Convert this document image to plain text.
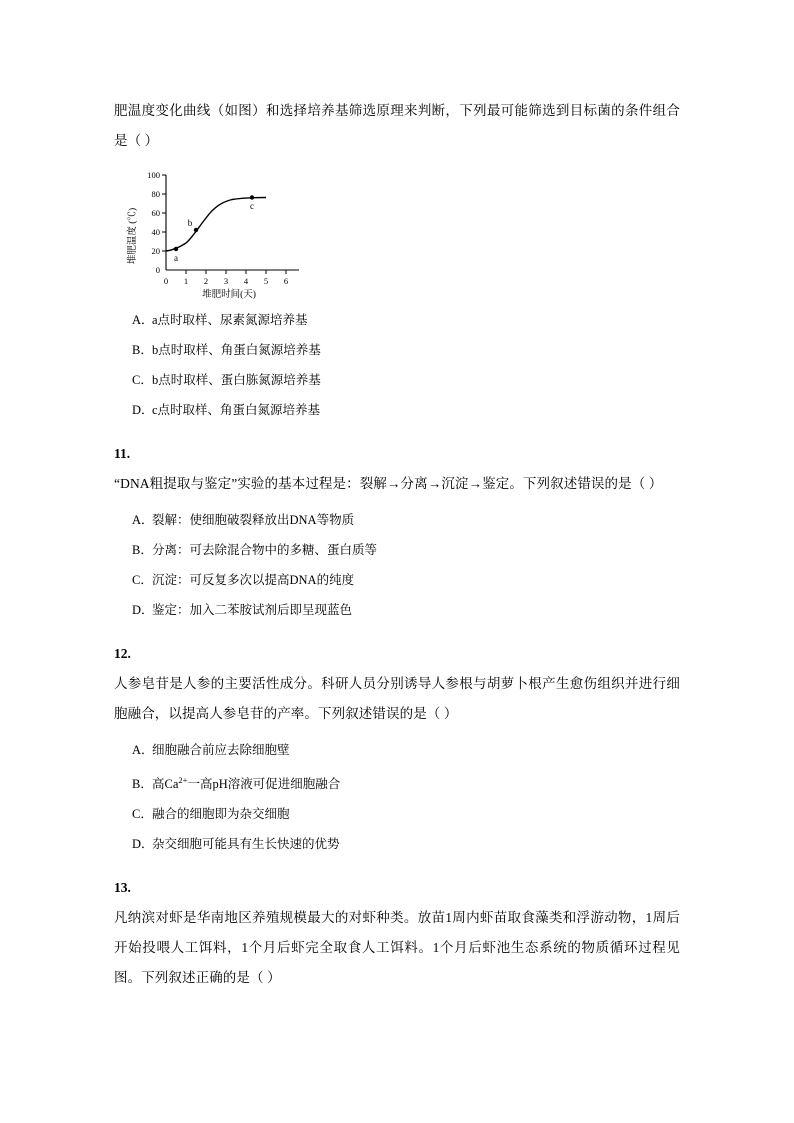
肥温度变化曲线（如图）和选择培养基筛选原理来判断，下列最可能筛选到目标菌的条件组合是（ ）

堆肥温度 (℃)
100
80
60
40
20
0
0 1 2 3 4 5 6
堆肥时间(天)
a
b
c
A．a点时取样、尿素氮源培养基
B．b点时取样、角蛋白氮源培养基
C．b点时取样、蛋白胨氮源培养基
D．c点时取样、角蛋白氮源培养基

11.

“DNA粗提取与鉴定”实验的基本过程是：裂解→分离→沉淀→鉴定。下列叙述错误的是（ ）

A．裂解：使细胞破裂释放出DNA等物质
B．分离：可去除混合物中的多糖、蛋白质等
C．沉淀：可反复多次以提高DNA的纯度
D．鉴定：加入二苯胺试剂后即呈现蓝色

12.

人参皂苷是人参的主要活性成分。科研人员分别诱导人参根与胡萝卜根产生愈伤组织并进行细胞融合，以提高人参皂苷的产率。下列叙述错误的是（ ）

A．细胞融合前应去除细胞壁
B．高$Ca^{2+}$一高pH溶液可促进细胞融合
C．融合的细胞即为杂交细胞
D．杂交细胞可能具有生长快速的优势

13.

凡纳滨对虾是华南地区养殖规模最大的对虾种类。放苗1周内虾苗取食藻类和浮游动物，1周后开始投喂人工饵料，1个月后虾完全取食人工饵料。1个月后虾池生态系统的物质循环过程见图。下列叙述正确的是（ ）
